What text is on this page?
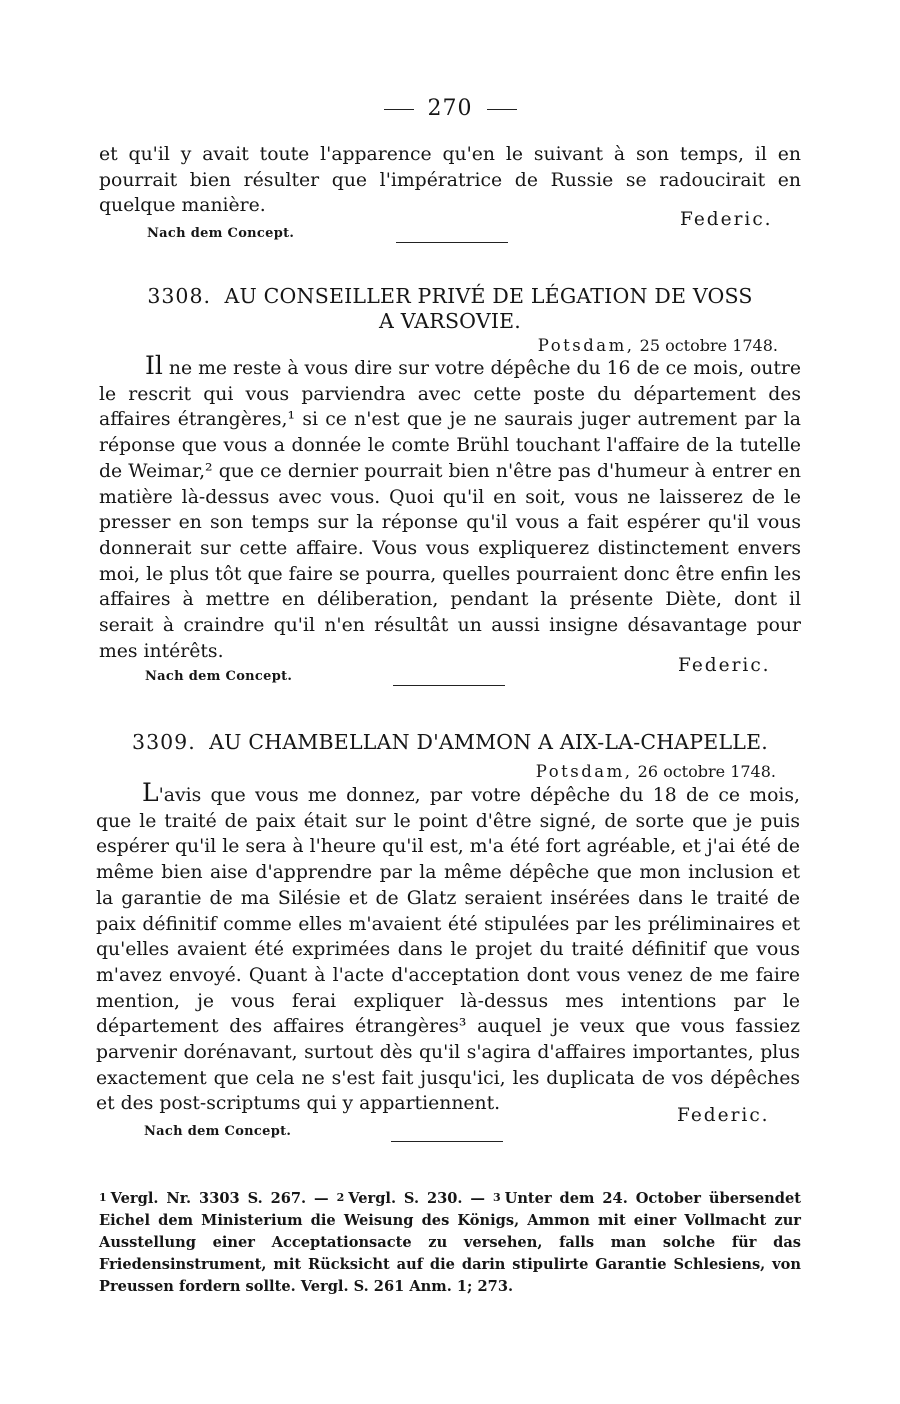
270

et qu'il y avait toute l'apparence qu'en le suivant à son temps, il en pourrait bien résulter que l'impératrice de Russie se radoucirait en quelque manière.

Federic.
Nach dem Concept.
3308. AU CONSEILLER PRIVÉ DE LÉGATION DE VOSS
A VARSOVIE.
Potsdam, 25 octobre 1748.

Il ne me reste à vous dire sur votre dépêche du 16 de ce mois, outre le rescrit qui vous parviendra avec cette poste du département des affaires étrangères,¹ si ce n'est que je ne saurais juger autrement par la réponse que vous a donnée le comte Brühl touchant l'affaire de la tutelle de Weimar,² que ce dernier pourrait bien n'être pas d'humeur à entrer en matière là-dessus avec vous. Quoi qu'il en soit, vous ne laisserez de le presser en son temps sur la réponse qu'il vous a fait espérer qu'il vous donnerait sur cette affaire. Vous vous expliquerez distinctement envers moi, le plus tôt que faire se pourra, quelles pourraient donc être enfin les affaires à mettre en déliberation, pendant la présente Diète, dont il serait à craindre qu'il n'en résultât un aussi insigne désavantage pour mes intérêts.

Federic.
Nach dem Concept.
3309. AU CHAMBELLAN D'AMMON A AIX-LA-CHAPELLE.
Potsdam, 26 octobre 1748.

L'avis que vous me donnez, par votre dépêche du 18 de ce mois, que le traité de paix était sur le point d'être signé, de sorte que je puis espérer qu'il le sera à l'heure qu'il est, m'a été fort agréable, et j'ai été de même bien aise d'apprendre par la même dépêche que mon inclusion et la garantie de ma Silésie et de Glatz seraient insérées dans le traité de paix définitif comme elles m'avaient été stipulées par les préliminaires et qu'elles avaient été exprimées dans le projet du traité définitif que vous m'avez envoyé. Quant à l'acte d'acceptation dont vous venez de me faire mention, je vous ferai expliquer là-dessus mes intentions par le département des affaires étrangères³ auquel je veux que vous fassiez parvenir dorénavant, surtout dès qu'il s'agira d'affaires importantes, plus exactement que cela ne s'est fait jusqu'ici, les duplicata de vos dépêches et des post-scriptums qui y appartiennent.

Federic.
Nach dem Concept.
1 Vergl. Nr. 3303 S. 267. — 2 Vergl. S. 230. — 3 Unter dem 24. October übersendet Eichel dem Ministerium die Weisung des Königs, Ammon mit einer Vollmacht zur Ausstellung einer Acceptationsacte zu versehen, falls man solche für das Friedensinstrument, mit Rücksicht auf die darin stipulirte Garantie Schlesiens, von Preussen fordern sollte. Vergl. S. 261 Anm. 1; 273.
